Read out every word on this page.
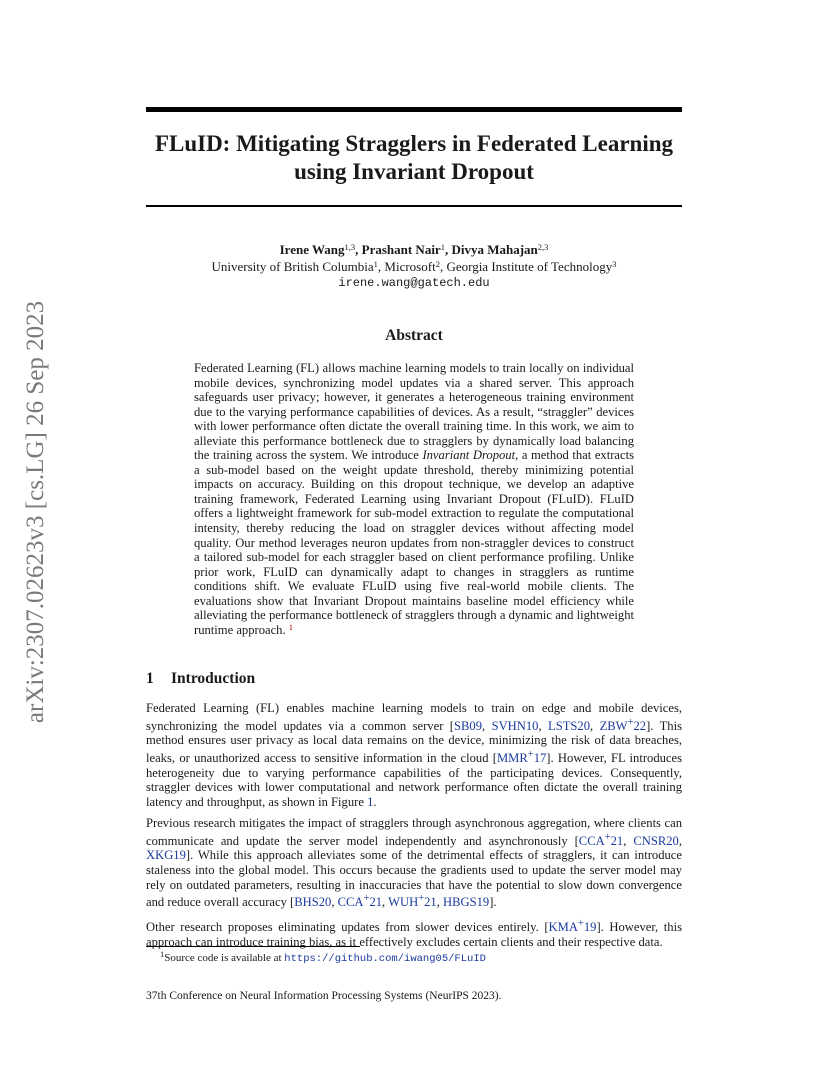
arXiv:2307.02623v3 [cs.LG] 26 Sep 2023
FLuID: Mitigating Stragglers in Federated Learning
using Invariant Dropout
Irene Wang$^{1,3}$, Prashant Nair$^1$, Divya Mahajan$^{2,3}$
University of British Columbia$^1$, Microsoft$^2$, Georgia Institute of Technology$^3$
irene.wang@gatech.edu
Abstract
Federated Learning (FL) allows machine learning models to train locally on individual mobile devices, synchronizing model updates via a shared server. This approach safeguards user privacy; however, it generates a heterogeneous training environment due to the varying performance capabilities of devices. As a result, “straggler” devices with lower performance often dictate the overall training time. In this work, we aim to alleviate this performance bottleneck due to stragglers by dynamically load balancing the training across the system. We introduce Invariant Dropout, a method that extracts a sub-model based on the weight update threshold, thereby minimizing potential impacts on accuracy. Building on this dropout technique, we develop an adaptive training framework, Federated Learning using Invariant Dropout (FLuID). FLuID offers a lightweight framework for sub-model extraction to regulate the computational intensity, thereby reducing the load on straggler devices without affecting model quality. Our method leverages neuron updates from non-straggler devices to construct a tailored sub-model for each straggler based on client performance profiling. Unlike prior work, FLuID can dynamically adapt to changes in stragglers as runtime conditions shift. We evaluate FLuID using five real-world mobile clients. The evaluations show that Invariant Dropout maintains baseline model efficiency while alleviating the performance bottleneck of stragglers through a dynamic and lightweight runtime approach. $^1$
1 Introduction

Federated Learning (FL) enables machine learning models to train on edge and mobile devices, synchronizing the model updates via a common server [SB09, SVHN10, LSTS20, ZBW+22]. This method ensures user privacy as local data remains on the device, minimizing the risk of data breaches, leaks, or unauthorized access to sensitive information in the cloud [MMR+17]. However, FL introduces heterogeneity due to varying performance capabilities of the participating devices. Consequently, straggler devices with lower computational and network performance often dictate the overall training latency and throughput, as shown in Figure 1.

Previous research mitigates the impact of stragglers through asynchronous aggregation, where clients can communicate and update the server model independently and asynchronously [CCA+21, CNSR20, XKG19]. While this approach alleviates some of the detrimental effects of stragglers, it can introduce staleness into the global model. This occurs because the gradients used to update the server model may rely on outdated parameters, resulting in inaccuracies that have the potential to slow down convergence and reduce overall accuracy [BHS20, CCA+21, WUH+21, HBGS19].

Other research proposes eliminating updates from slower devices entirely. [KMA+19]. However, this approach can introduce training bias, as it effectively excludes certain clients and their respective data.

$^1$Source code is available at https://github.com/iwang05/FLuID
37th Conference on Neural Information Processing Systems (NeurIPS 2023).
